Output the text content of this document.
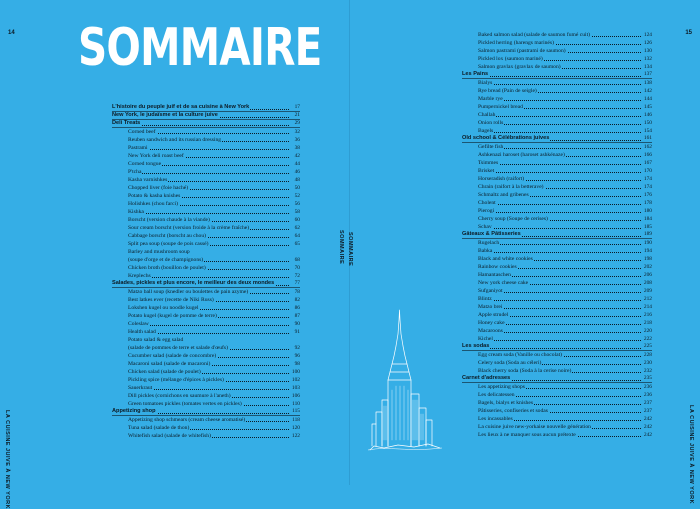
14
LA CUISINE JUIVE À NEW YORK
SOMMAIRE
SOMMAIRE
L'histoire du peuple juif et de sa cuisine à New York	17
New York, le judaïsme et la culture juive	21
Deli Treats	29
Corned beef	32
Reuben sandwich and its russian dressing	36
Pastrami	38
New York deli roast beef	42
Corned tongue	44
P'tcha	46
Kasha varnishkes	48
Chopped liver (foie haché)	50
Potato & kasha knishes	52
Holishkes (chou farci)	56
Kishka	58
Borscht (version chaude à la viande)	60
Sour cream borscht (version froide à la crème fraîche)	62
Cabbage borscht (borscht au chou)	64
Split pea soup (soupe de pois cassé)	65
Barley and mushroom soup
(soupe d'orge et de champignons)	68
Chicken broth (bouillon de poulet)	70
Kreplechs	72
Salades, pickles et plus encore, le meilleur des deux mondes	77
Matzo ball soup (knedler ou boulettes de pain azyme)	78
Best latkes ever (recette de Niki Russ)	82
Lokshen kugel ou noodle kugel	86
Potato kugel (kugel de pomme de terre)	87
Coleslaw	90
Health salad	91
Potato salad & egg salad
(salade de pommes de terre et salade d'œufs)	92
Cucumber salad (salade de concombre)	96
Macaroni salad (salade de macaroni)	98
Chicken salad (salade de poulet)	100
Pickling spice (mélange d'épices à pickles)	102
Sauerkraut	103
Dill pickles (cornichons en saumure à l'aneth)	106
Green tomatoes pickles (tomates vertes en pickles)	110
Appetizing shop	115
Appetizing shop schmears (cream cheese aromatisé)	118
Tuna salad (salade de thon)	120
Whitefish salad (salade de whitefish)	122
15
SOMMAIRE
LA CUISINE JUIVE À NEW YORK
Baked salmon salad (salade de saumon fumé cuit)	124
Pickled herring (harengs marinés)	126
Salmon pastrami (pastrami de saumon)	130
Pickled lox (saumon mariné)	132
Salmon gravlax (gravlax de saumon)	134
Les Pains	137
Bialys	138
Rye bread (Pain de seigle)	142
Marble rye	144
Pumpernickel bread	145
Challah	146
Onion rolls	150
Bagels	154
Old school & Célébrations juives	161
Gefilte fish	162
Ashkenazi haroset (haroset ashkénaze)	166
Tsimmes	167
Brisket	170
Horseradish (raifort)	174
Chrain (raifort à la betterave)	174
Schmaltz and gribenes	176
Cholent	178
Pierogi	180
Cherry soup (Soupe de cerises)	184
Schav	185
Gâteaux & Pâtisseries	189
Rugelach	190
Babka	194
Black and white cookies	198
Rainbow cookies	202
Hamantaschen	206
New york cheese cake	208
Sufganiyot	209
Blintz	212
Matzo brei	214
Apple strudel	216
Honey cake	218
Macaroons	220
Kichel	222
Les sodas	225
Egg cream soda (Vanille ou chocolat)	228
Celery soda (Soda au céleri)	230
Black cherry soda (Soda à la cerise noire)	232
Carnet d'adresses	235
Les appetizing shops	236
Les delicatessen	236
Bagels, bialys et knishes	237
Pâtisseries, confiseries et sodas	237
Les incassables	242
La cuisine juive new-yorkaise nouvelle génération	242
Les lieux à ne manquer sous aucun prétexte	242
